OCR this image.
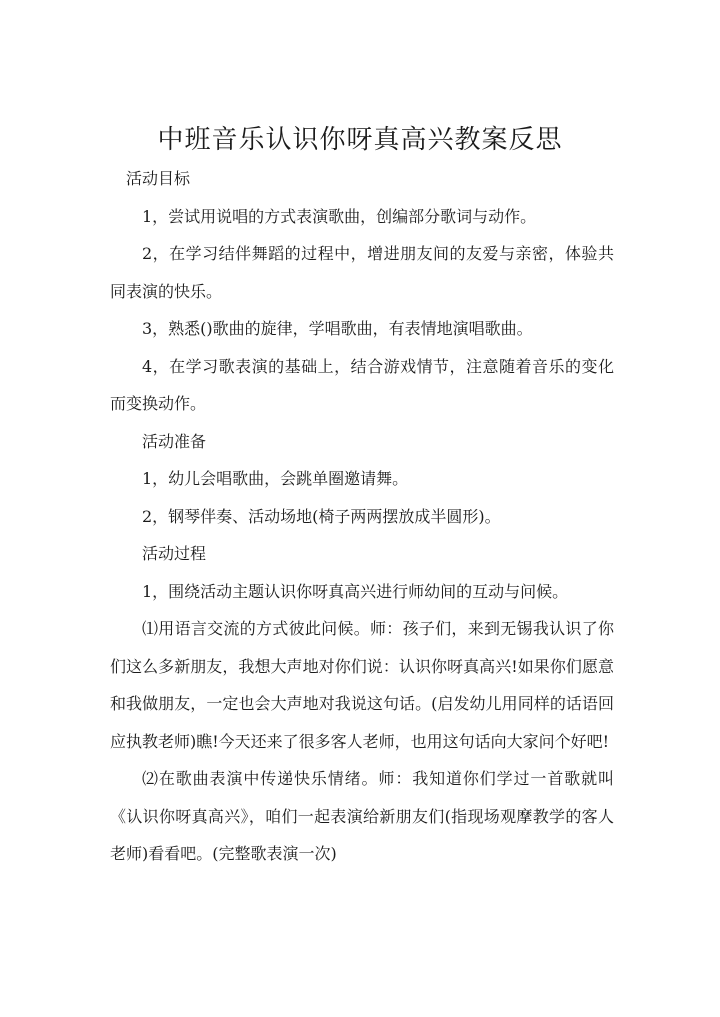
中班音乐认识你呀真高兴教案反思

活动目标

1，尝试用说唱的方式表演歌曲，创编部分歌词与动作。

2，在学习结伴舞蹈的过程中，增进朋友间的友爱与亲密，体验共同表演的快乐。

3，熟悉()歌曲的旋律，学唱歌曲，有表情地演唱歌曲。

4，在学习歌表演的基础上，结合游戏情节，注意随着音乐的变化而变换动作。

活动准备

1，幼儿会唱歌曲，会跳单圈邀请舞。

2，钢琴伴奏、活动场地(椅子两两摆放成半圆形)。

活动过程

1，围绕活动主题认识你呀真高兴进行师幼间的互动与问候。

⑴用语言交流的方式彼此问候。师：孩子们，来到无锡我认识了你们这么多新朋友，我想大声地对你们说：认识你呀真高兴!如果你们愿意和我做朋友，一定也会大声地对我说这句话。(启发幼儿用同样的话语回应执教老师)瞧!今天还来了很多客人老师，也用这句话向大家问个好吧!

⑵在歌曲表演中传递快乐情绪。师：我知道你们学过一首歌就叫《认识你呀真高兴》，咱们一起表演给新朋友们(指现场观摩教学的客人老师)看看吧。(完整歌表演一次)
